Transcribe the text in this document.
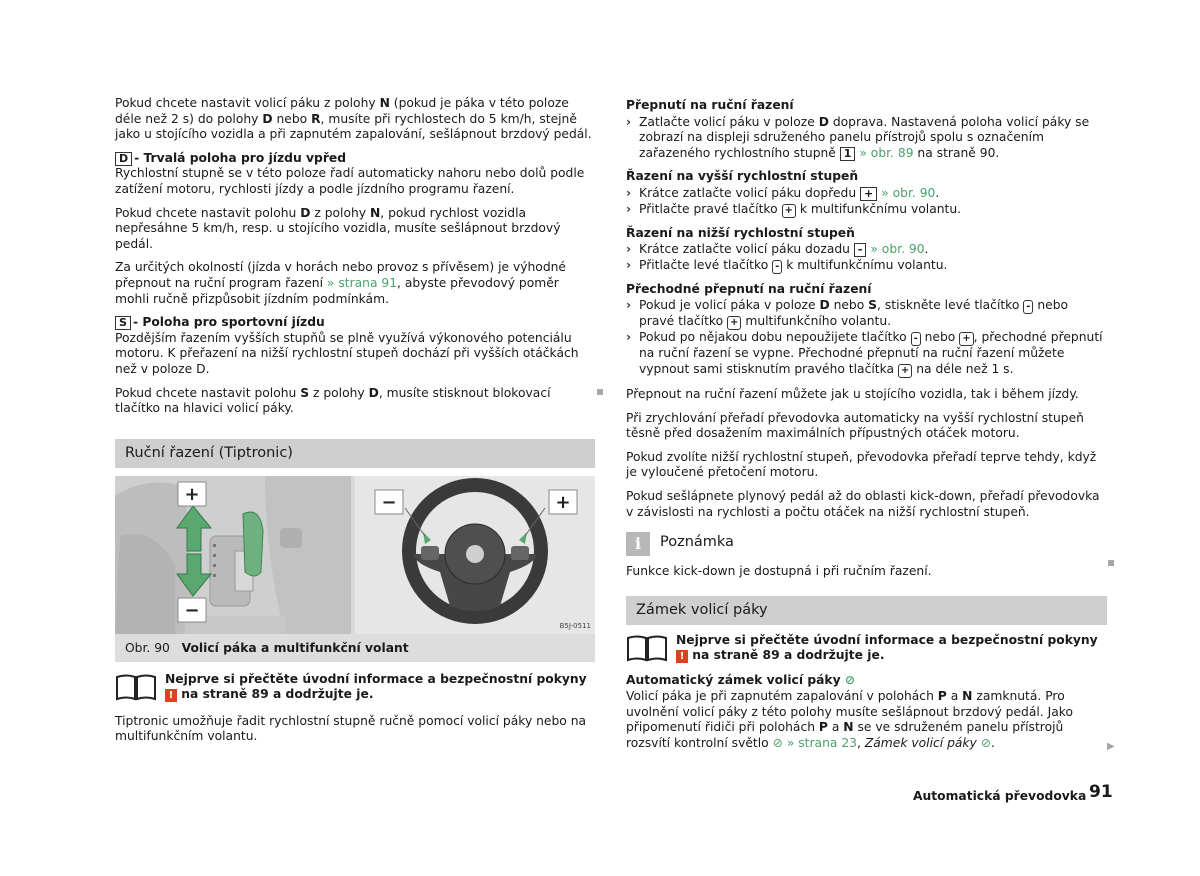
Pokud chcete nastavit volicí páku z polohy N (pokud je páka v této poloze déle než 2 s) do polohy D nebo R, musíte při rychlostech do 5 km/h, stejně jako u stojícího vozidla a při zapnutém zapalování, sešlápnout brzdový pedál.

D - Trvalá poloha pro jízdu vpřed

Rychlostní stupně se v této poloze řadí automaticky nahoru nebo dolů podle zatížení motoru, rychlosti jízdy a podle jízdního programu řazení.

Pokud chcete nastavit polohu D z polohy N, pokud rychlost vozidla nepřesáhne 5 km/h, resp. u stojícího vozidla, musíte sešlápnout brzdový pedál.

Za určitých okolností (jízda v horách nebo provoz s přívěsem) je výhodné přepnout na ruční program řazení » strana 91, abyste převodový poměr mohli ručně přizpůsobit jízdním podmínkám.

S - Poloha pro sportovní jízdu

Pozdějším řazením vyšších stupňů se plně využívá výkonového potenciálu motoru. K přeřazení na nižší rychlostní stupeň dochází při vyšších otáčkách než v poloze D.

Pokud chcete nastavit polohu S z polohy D, musíte stisknout blokovací tlačítko na hlavici volicí páky.

Ruční řazení (Tiptronic)
+
−
−	+
B5J-0511
Obr. 90 Volicí páka a multifunkční volant
Nejprve si přečtěte úvodní informace a bezpečnostní pokyny ! na straně 89 a dodržujte je.

Tiptronic umožňuje řadit rychlostní stupně ručně pomocí volicí páky nebo na multifunkčním volantu.

Přepnutí na ruční řazení
› Zatlačte volicí páku v poloze D doprava. Nastavená poloha volicí páky se zobrazí na displeji sdruženého panelu přístrojů spolu s označením zařazeného rychlostního stupně 1 » obr. 89 na straně 90.
Řazení na vyšší rychlostní stupeň
› Krátce zatlačte volicí páku dopředu + » obr. 90.
› Přitlačte pravé tlačítko + k multifunkčnímu volantu.
Řazení na nižší rychlostní stupeň
› Krátce zatlačte volicí páku dozadu - » obr. 90.
› Přitlačte levé tlačítko - k multifunkčnímu volantu.
Přechodné přepnutí na ruční řazení
› Pokud je volicí páka v poloze D nebo S, stiskněte levé tlačítko - nebo pravé tlačítko + multifunkčního volantu.
› Pokud po nějakou dobu nepoužijete tlačítko - nebo + , přechodné přepnutí na ruční řazení se vypne. Přechodné přepnutí na ruční řazení můžete vypnout sami stisknutím pravého tlačítka + na déle než 1 s.

Přepnout na ruční řazení můžete jak u stojícího vozidla, tak i během jízdy.

Při zrychlování přeřadí převodovka automaticky na vyšší rychlostní stupeň těsně před dosažením maximálních přípustných otáček motoru.

Pokud zvolíte nižší rychlostní stupeň, převodovka přeřadí teprve tehdy, když je vyloučené přetočení motoru.

Pokud sešlápnete plynový pedál až do oblasti kick-down, přeřadí převodovka v závislosti na rychlosti a počtu otáček na nižší rychlostní stupeň.

i	Poznámka

Funkce kick-down je dostupná i při ručním řazení.

Zámek volicí páky
Nejprve si přečtěte úvodní informace a bezpečnostní pokyny ! na straně 89 a dodržujte je.
Automatický zámek volicí páky ⊘
Volicí páka je při zapnutém zapalování v polohách P a N zamknutá. Pro uvolnění volicí páky z této polohy musíte sešlápnout brzdový pedál. Jako připomenutí řidiči při polohách P a N se ve sdruženém panelu přístrojů rozsvítí kontrolní světlo ⊘ » strana 23, Zámek volicí páky ⊘.	▶
Automatická převodovka 91
